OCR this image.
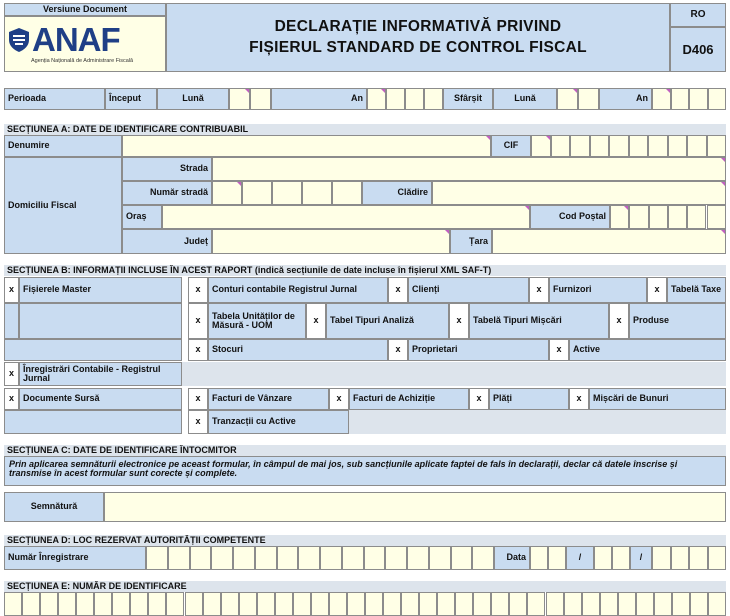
Versiune Document
ANAF
Agenția Națională de Administrare Fiscală
DECLARAȚIE INFORMATIVĂ PRIVIND
FIȘIERUL STANDARD DE CONTROL FISCAL
RO
D406
Perioada	Început	Lună	An	Sfârșit	Lună	An
SECȚIUNEA A: DATE DE IDENTIFICARE CONTRIBUABIL
Denumire	CIF
Domiciliu Fiscal
Strada
Număr stradă	Clădire
Oraș	Cod Poștal
Județ	Țara
SECȚIUNEA B: INFORMAȚII INCLUSE ÎN ACEST RAPORT (indică secțiunile de date incluse în fișierul XML SAF-T)
x	Fișierele Master	x	Conturi contabile Registrul Jurnal	x	Clienți	x	Furnizori	x	Tabelă Taxe
x	Tabela Unităților de Măsură - UOM	x	Tabel Tipuri Analiză	x	Tabelă Tipuri Mișcări	x	Produse
x	Stocuri	x	Proprietari	x	Active
x	Înregistrări Contabile - Registrul Jurnal
x	Documente Sursă	x	Facturi de Vânzare	x	Facturi de Achiziție	x	Plăți	x	Mișcări de Bunuri
x	Tranzacții cu Active
SECȚIUNEA C: DATE DE IDENTIFICARE ÎNTOCMITOR
Prin aplicarea semnăturii electronice pe aceast formular, în câmpul de mai jos, sub sancțiunile aplicate faptei de fals în declarații, declar că datele înscrise și transmise în acest formular sunt corecte și complete.
Semnătură
SECȚIUNEA D: LOC REZERVAT AUTORITĂȚII COMPETENTE
Număr Înregistrare	Data	/	/
SECȚIUNEA E: NUMĂR DE IDENTIFICARE
